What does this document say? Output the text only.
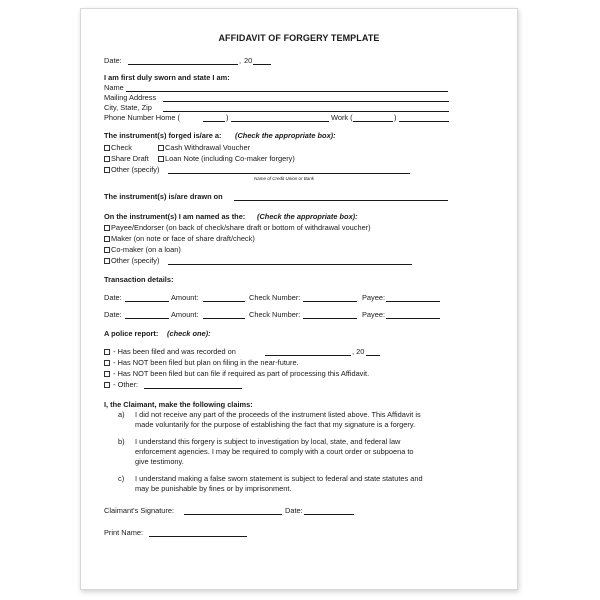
AFFIDAVIT OF FORGERY TEMPLATE
Date:	, 20
I am first duly sworn and state I am:
Name
Mailing Address
City, State, Zip
Phone Number Home (	)	Work (	)
The instrument(s) forged is/are a: (Check the appropriate box):
Check	Cash Withdrawal Voucher
Share Draft	Loan Note (including Co-maker forgery)
Other (specify)
Name of Credit Union or Bank
The instrument(s) is/are drawn on
On the instrument(s) I am named as the: (Check the appropriate box):
Payee/Endorser (on back of check/share draft or bottom of withdrawal voucher)
Maker (on note or face of share draft/check)
Co-maker (on a loan)
Other (specify)
Transaction details:
Date:	Amount:	Check Number:	Payee:
Date:	Amount:	Check Number:	Payee:
A police report: (check one):
- Has been filed and was recorded on	, 20
- Has NOT been filed but plan on filing in the near-future.
- Has NOT been filed but can file if required as part of processing this Affidavit.
- Other:
I, the Claimant, make the following claims:
a) I did not receive any part of the proceeds of the instrument listed above. This Affidavit is
made voluntarily for the purpose of establishing the fact that my signature is a forgery.
b) I understand this forgery is subject to investigation by local, state, and federal law
enforcement agencies. I may be required to comply with a court order or subpoena to
give testimony.
c) I understand making a false sworn statement is subject to federal and state statutes and
may be punishable by fines or by imprisonment.
Claimant's Signature:	Date:
Print Name:
